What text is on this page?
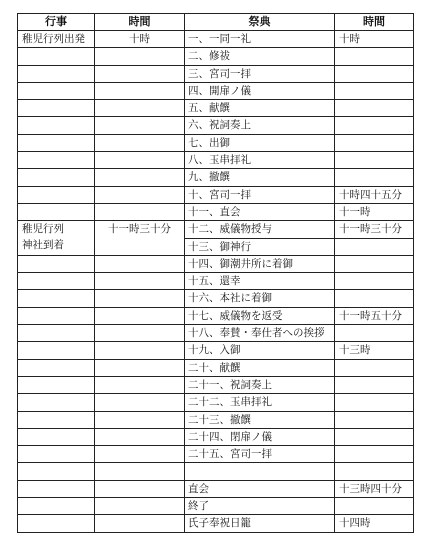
行事	時間	祭典	時間
稚児行列出発	十時	一、一同一礼	十時
		二、修祓	
		三、宮司一拝	
		四、開扉ノ儀	
		五、献饌	
		六、祝詞奏上	
		七、出御	
		八、玉串拝礼	
		九、撤饌	
		十、宮司一拝	十時四十五分
		十一、直会	十一時
稚児行列
神社到着	十一時三十分	十二、威儀物授与	十一時三十分
		十三、御神行	
		十四、御潮井所に着御	
		十五、還幸	
		十六、本社に着御	
		十七、威儀物を返受	十一時五十分
		十八、奉賛・奉仕者への挨拶	
		十九、入御	十三時
		二十、献饌	
		二十一、祝詞奏上	
		二十二、玉串拝礼	
		二十三、撤饌	
		二十四、閉扉ノ儀	
		二十五、宮司一拝	

		直会	十三時四十分
		終了	
		氏子奉祝日籠	十四時
